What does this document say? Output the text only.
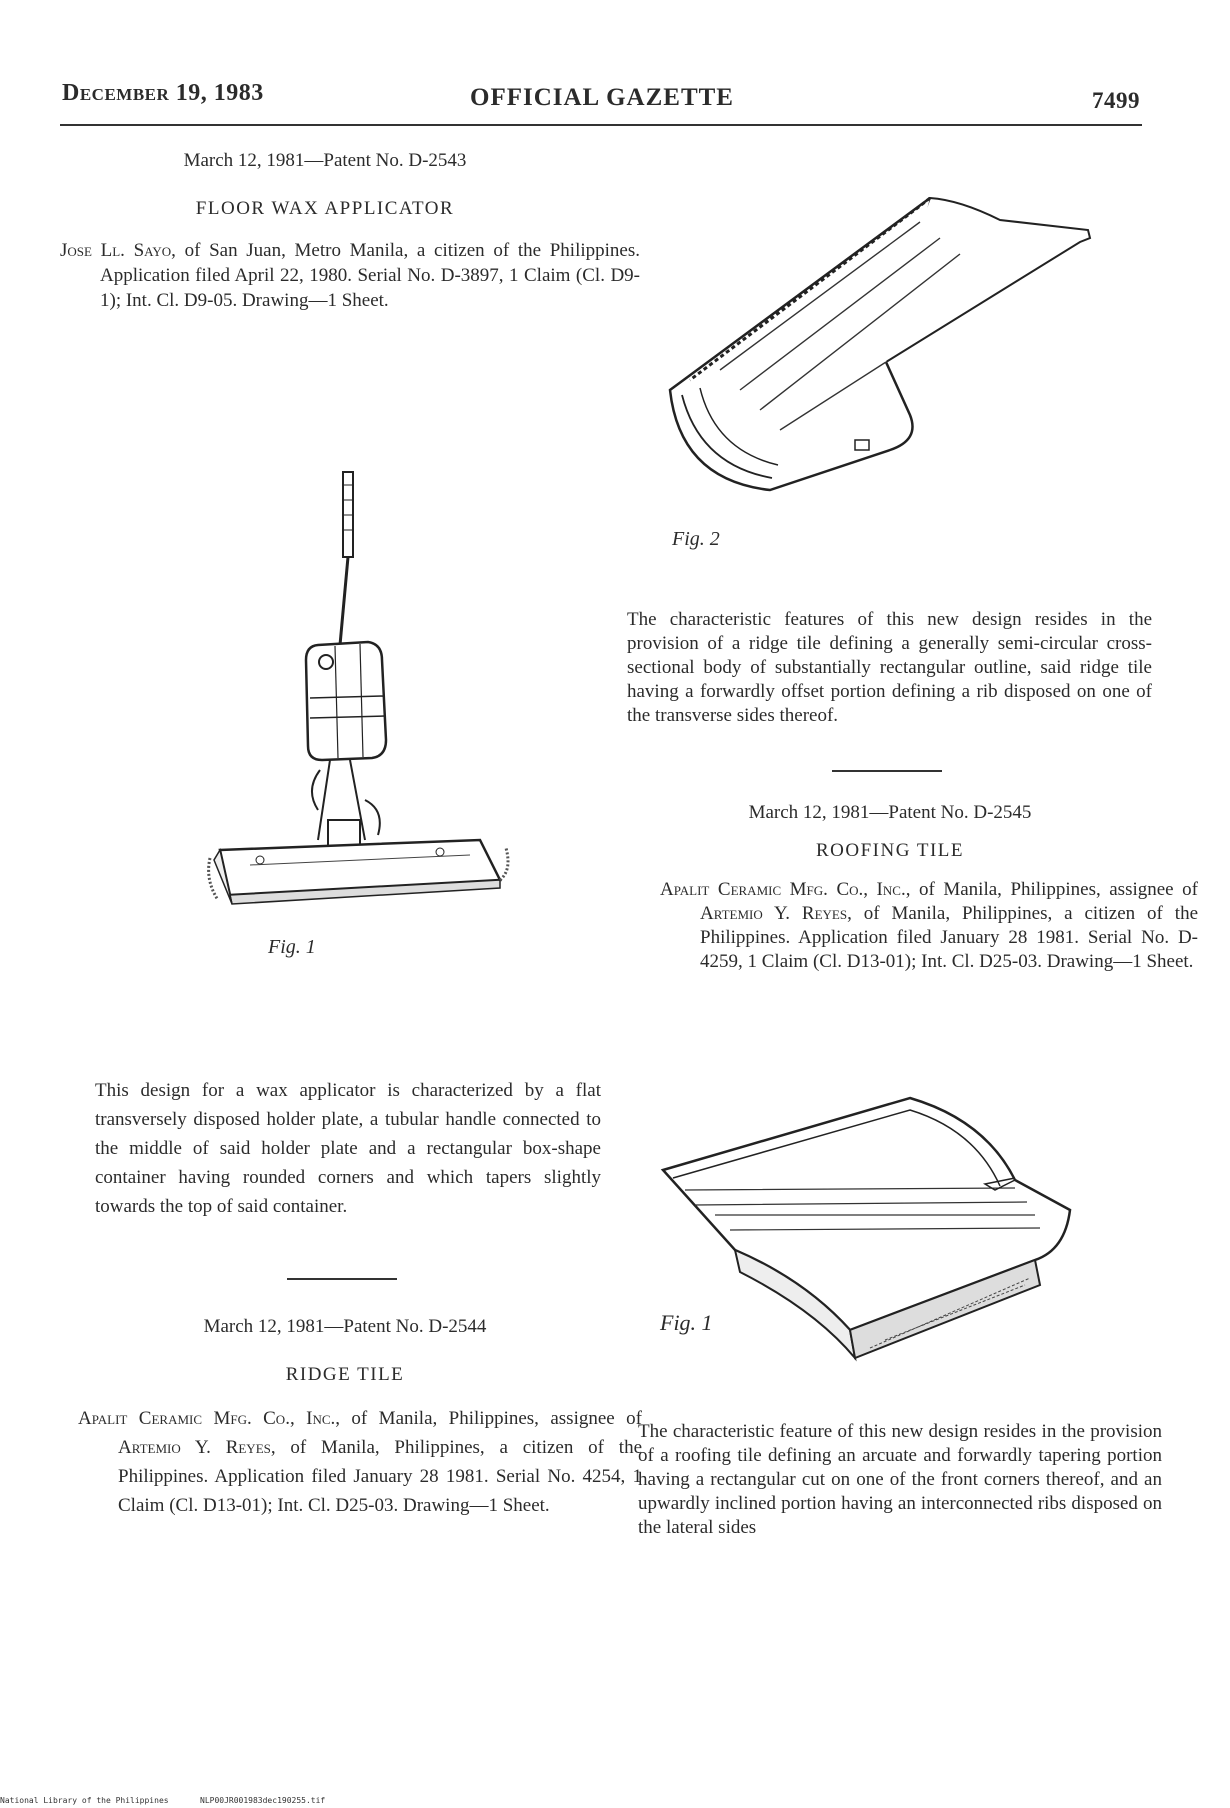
December 19, 1983	OFFICIAL GAZETTE	7499
March 12, 1981—Patent No. D-2543
FLOOR WAX APPLICATOR
Jose Ll. Sayo, of San Juan, Metro Manila, a citizen of the Philippines. Application filed April 22, 1980. Serial No. D-3897, 1 Claim (Cl. D9-1); Int. Cl. D9-05. Drawing—1 Sheet.
Fig. 1
This design for a wax applicator is characterized by a flat transversely disposed holder plate, a tubular handle connected to the middle of said holder plate and a rectangular box-shape container having rounded corners and which tapers slightly towards the top of said container.
March 12, 1981—Patent No. D-2544
RIDGE TILE
Apalit Ceramic Mfg. Co., Inc., of Manila, Philippines, assignee of Artemio Y. Reyes, of Manila, Philippines, a citizen of the Philippines. Application filed January 28 1981. Serial No. 4254, 1 Claim (Cl. D13-01); Int. Cl. D25-03. Drawing—1 Sheet.
Fig. 2
The characteristic features of this new design resides in the provision of a ridge tile defining a generally semi-circular cross-sectional body of substantially rectangular outline, said ridge tile having a forwardly offset portion defining a rib disposed on one of the transverse sides thereof.
March 12, 1981—Patent No. D-2545
ROOFING TILE
Apalit Ceramic Mfg. Co., Inc., of Manila, Philippines, assignee of Artemio Y. Reyes, of Manila, Philippines, a citizen of the Philippines. Application filed January 28 1981. Serial No. D-4259, 1 Claim (Cl. D13-01); Int. Cl. D25-03. Drawing—1 Sheet.
Fig. 1
The characteristic feature of this new design resides in the provision of a roofing tile defining an arcuate and forwardly tapering portion having a rectangular cut on one of the front corners thereof, and an upwardly inclined portion having an interconnected ribs disposed on the lateral sides
National Library of the Philippines	NLP00JR001983dec190255.tif
